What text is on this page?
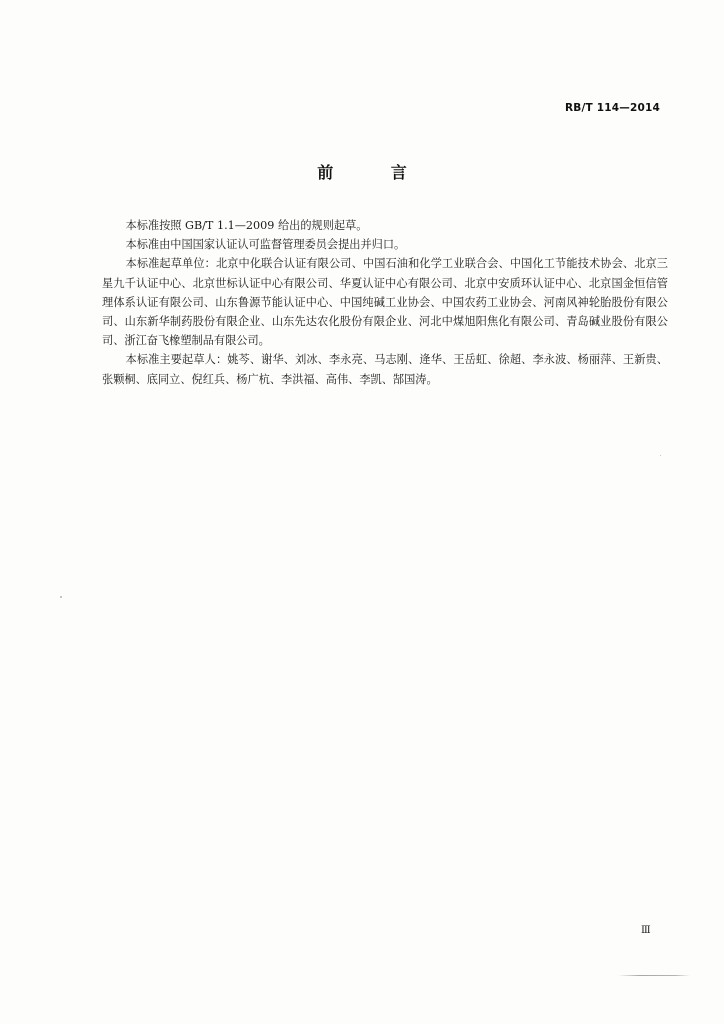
RB/T 114—2014
前 言

本标准按照 GB/T 1.1—2009 给出的规则起草。

本标准由中国国家认证认可监督管理委员会提出并归口。

本标准起草单位：北京中化联合认证有限公司、中国石油和化学工业联合会、中国化工节能技术协会、北京三星九千认证中心、北京世标认证中心有限公司、华夏认证中心有限公司、北京中安质环认证中心、北京国金恒信管理体系认证有限公司、山东鲁源节能认证中心、中国纯碱工业协会、中国农药工业协会、河南风神轮胎股份有限公司、山东新华制药股份有限企业、山东先达农化股份有限企业、河北中煤旭阳焦化有限公司、青岛碱业股份有限公司、浙江奋飞橡塑制品有限公司。

本标准主要起草人：姚芩、谢华、刘冰、李永亮、马志刚、逄华、王岳虹、徐超、李永波、杨丽萍、王新贵、张颗桐、底同立、倪红兵、杨广杭、李洪福、高伟、李凯、郜国涛。

Ⅲ
